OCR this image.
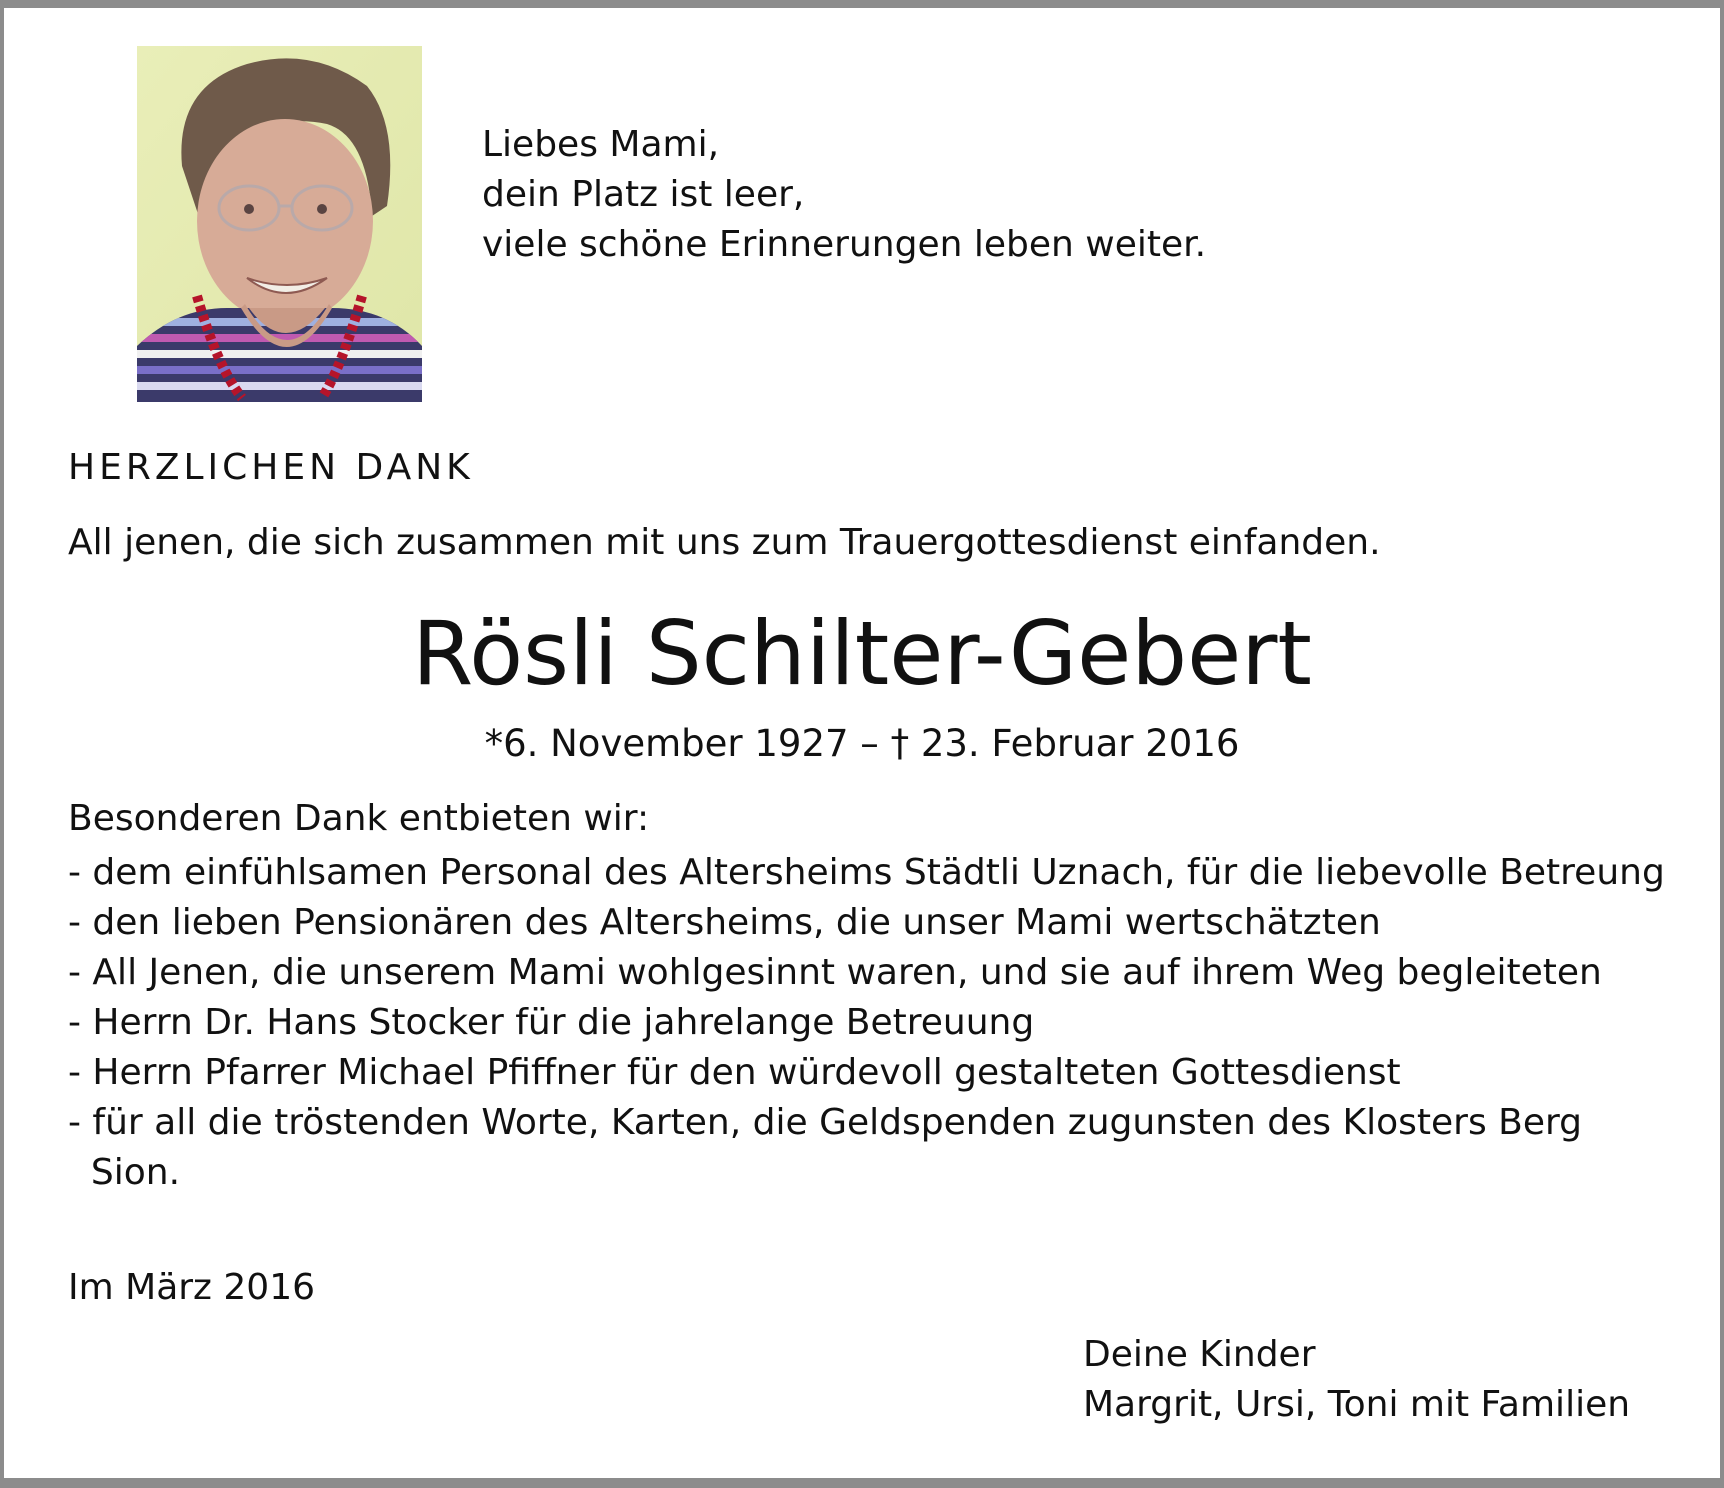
Liebes Mami,
dein Platz ist leer,
viele schöne Erinnerungen leben weiter.
HERZLICHEN DANK
All jenen, die sich zusammen mit uns zum Trauergottesdienst einfanden.
Rösli Schilter-Gebert
*6. November 1927 – † 23. Februar 2016
Besonderen Dank entbieten wir:
- dem einfühlsamen Personal des Altersheims Städtli Uznach, für die liebevolle Betreung
- den lieben Pensionären des Altersheims, die unser Mami wertschätzten
- All Jenen, die unserem Mami wohlgesinnt waren, und sie auf ihrem Weg begleiteten
- Herrn Dr. Hans Stocker für die jahrelange Betreuung
- Herrn Pfarrer Michael Pfiffner für den würdevoll gestalteten Gottesdienst
- für all die tröstenden Worte, Karten, die Geldspenden zugunsten des Klosters Berg
Sion.
Im März 2016
Deine Kinder
Margrit, Ursi, Toni mit Familien
